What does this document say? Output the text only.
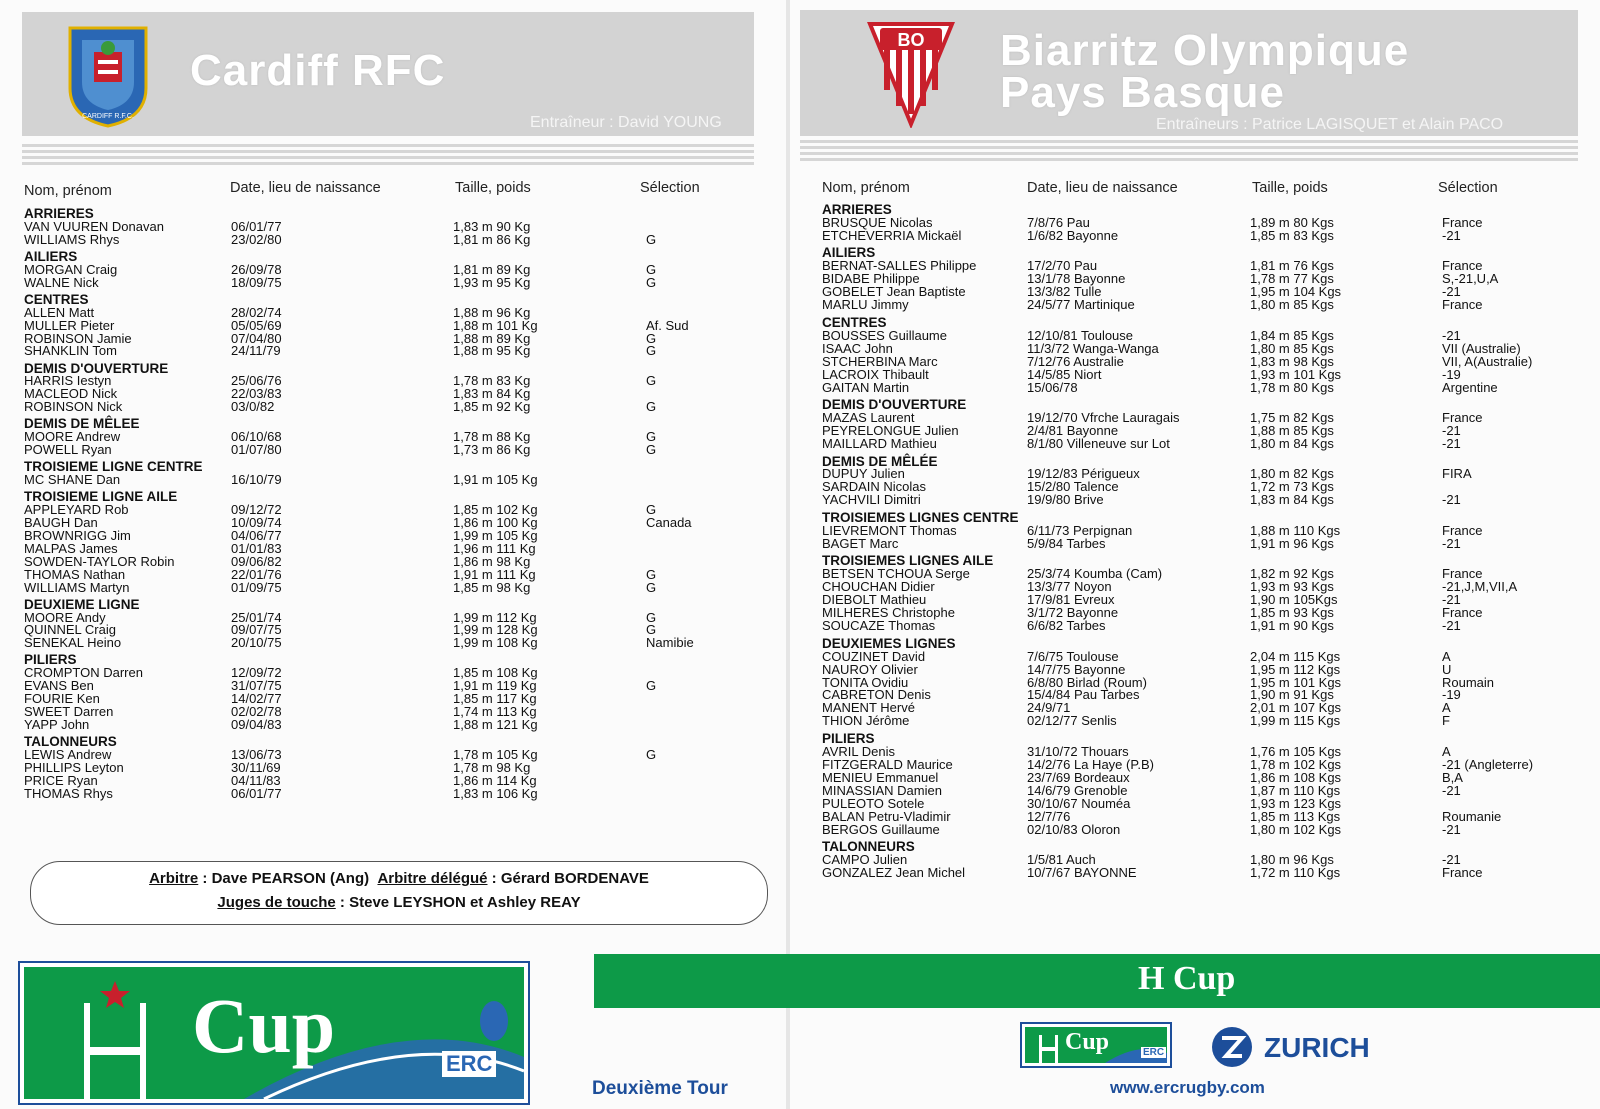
CARDIFF R.F.C.
Cardiff RFC
Entraîneur : David YOUNG
Nom, prénom	Date, lieu de naissance	Taille, poids	Sélection
ARRIERES
VAN VUUREN Donavan	06/01/77	1,83 m 90 Kg
WILLIAMS Rhys	23/02/80	1,81 m 86 Kg	G
AILIERS
MORGAN Craig	26/09/78	1,81 m 89 Kg	G
WALNE Nick	18/09/75	1,93 m 95 Kg	G
CENTRES
ALLEN Matt	28/02/74	1,88 m 96 Kg
MULLER Pieter	05/05/69	1,88 m 101 Kg	Af. Sud
ROBINSON Jamie	07/04/80	1,88 m 89 Kg	G
SHANKLIN Tom	24/11/79	1,88 m 95 Kg	G
DEMIS D'OUVERTURE
HARRIS Iestyn	25/06/76	1,78 m 83 Kg	G
MACLEOD Nick	22/03/83	1,83 m 84 Kg
ROBINSON Nick	03/0/82	1,85 m 92 Kg	G
DEMIS DE MÊLEE
MOORE Andrew	06/10/68	1,78 m 88 Kg	G
POWELL Ryan	01/07/80	1,73 m 86 Kg	G
TROISIEME LIGNE CENTRE
MC SHANE Dan	16/10/79	1,91 m 105 Kg
TROISIEME LIGNE AILE
APPLEYARD Rob	09/12/72	1,85 m 102 Kg	G
BAUGH Dan	10/09/74	1,86 m 100 Kg	Canada
BROWNRIGG Jim	04/06/77	1,99 m 105 Kg
MALPAS James	01/01/83	1,96 m 111 Kg
SOWDEN-TAYLOR Robin	09/06/82	1,86 m 98 Kg
THOMAS Nathan	22/01/76	1,91 m 111 Kg	G
WILLIAMS Martyn	01/09/75	1,85 m 98 Kg	G
DEUXIEME LIGNE
MOORE Andy	25/01/74	1,99 m 112 Kg	G
QUINNEL Craig	09/07/75	1,99 m 128 Kg	G
SENEKAL Heino	20/10/75	1,99 m 108 Kg	Namibie
PILIERS
CROMPTON Darren	12/09/72	1,85 m 108 Kg
EVANS Ben	31/07/75	1,91 m 119 Kg	G
FOURIE Ken	14/02/77	1,85 m 117 Kg
SWEET Darren	02/02/78	1,74 m 113 Kg
YAPP John	09/04/83	1,88 m 121 Kg
TALONNEURS
LEWIS Andrew	13/06/73	1,78 m 105 Kg	G
PHILLIPS Leyton	30/11/69	1,78 m 98 Kg
PRICE Ryan	04/11/83	1,86 m 114 Kg
THOMAS Rhys	06/01/77	1,83 m 106 Kg
Arbitre : Dave PEARSON (Ang) Arbitre délégué : Gérard BORDENAVE
Juges de touche : Steve LEYSHON et Ashley REAY
Cup	ERC
Entraîneurs : Patrice LAGISQUET et Alain PACO
Biarritz Olympique
Pays Basque
Nom, prénom	Date, lieu de naissance	Taille, poids	Sélection
ARRIERES
BRUSQUE Nicolas	7/8/76 Pau	1,89 m 80 Kgs	France
ETCHEVERRIA Mickaël	1/6/82 Bayonne	1,85 m 83 Kgs	-21
AILIERS
BERNAT-SALLES Philippe	17/2/70 Pau	1,81 m 76 Kgs	France
BIDABE Philippe	13/1/78 Bayonne	1,78 m 77 Kgs	S,-21,U,A
GOBELET Jean Baptiste	13/3/82 Tulle	1,95 m 104 Kgs	-21
MARLU Jimmy	24/5/77 Martinique	1,80 m 85 Kgs	France
CENTRES
BOUSSES Guillaume	12/10/81 Toulouse	1,84 m 85 Kgs	-21
ISAAC John	11/3/72 Wanga-Wanga	1,80 m 85 Kgs	VII (Australie)
STCHERBINA Marc	7/12/76 Australie	1,83 m 98 Kgs	VII, A(Australie)
LACROIX Thibault	14/5/85 Niort	1,93 m 101 Kgs	-19
GAITAN Martin	15/06/78	1,78 m 80 Kgs	Argentine
DEMIS D'OUVERTURE
MAZAS Laurent	19/12/70 Vfrche Lauragais	1,75 m 82 Kgs	France
PEYRELONGUE Julien	2/4/81 Bayonne	1,88 m 85 Kgs	-21
MAILLARD Mathieu	8/1/80 Villeneuve sur Lot	1,80 m 84 Kgs	-21
DEMIS DE MÊLÉE
DUPUY Julien	19/12/83 Périgueux	1,80 m 82 Kgs	FIRA
SARDAIN Nicolas	15/2/80 Talence	1,72 m 73 Kgs
YACHVILI Dimitri	19/9/80 Brive	1,83 m 84 Kgs	-21
TROISIEMES LIGNES CENTRE
LIEVREMONT Thomas	6/11/73 Perpignan	1,88 m 110 Kgs	France
BAGET Marc	5/9/84 Tarbes	1,91 m 96 Kgs	-21
TROISIEMES LIGNES AILE
BETSEN TCHOUA Serge	25/3/74 Koumba (Cam)	1,82 m 92 Kgs	France
CHOUCHAN Didier	13/3/77 Noyon	1,93 m 93 Kgs	-21,J,M,VII,A
DIEBOLT Mathieu	17/9/81 Evreux	1,90 m 105Kgs	-21
MILHERES Christophe	3/1/72 Bayonne	1,85 m 93 Kgs	France
SOUCAZE Thomas	6/6/82 Tarbes	1,91 m 90 Kgs	-21
DEUXIEMES LIGNES
COUZINET David	7/6/75 Toulouse	2,04 m 115 Kgs	A
NAUROY Olivier	14/7/75 Bayonne	1,95 m 112 Kgs	U
TONITA Ovidiu	6/8/80 Birlad (Roum)	1,95 m 101 Kgs	Roumain
CABRETON Denis	15/4/84 Pau Tarbes	1,90 m 91 Kgs	-19
MANENT Hervé	24/9/71	2,01 m 107 Kgs	A
THION Jérôme	02/12/77 Senlis	1,99 m 115 Kgs	F
PILIERS
AVRIL Denis	31/10/72 Thouars	1,76 m 105 Kgs	A
FITZGERALD Maurice	14/2/76 La Haye (P.B)	1,78 m 102 Kgs	-21 (Angleterre)
MENIEU Emmanuel	23/7/69 Bordeaux	1,86 m 108 Kgs	B,A
MINASSIAN Damien	14/6/79 Grenoble	1,87 m 110 Kgs	-21
PULEOTO Sotele	30/10/67 Nouméa	1,93 m 123 Kgs
BALAN Petru-Vladimir	12/7/76	1,85 m 113 Kgs	Roumanie
BERGOS Guillaume	02/10/83 Oloron	1,80 m 102 Kgs	-21
TALONNEURS
CAMPO Julien	1/5/81 Auch	1,80 m 96 Kgs	-21
GONZALEZ Jean Michel	10/7/67 BAYONNE	1,72 m 110 Kgs	France
BO
H Cup
Deuxième Tour
Cup	ERC	ZURICH
www.ercrugby.com
